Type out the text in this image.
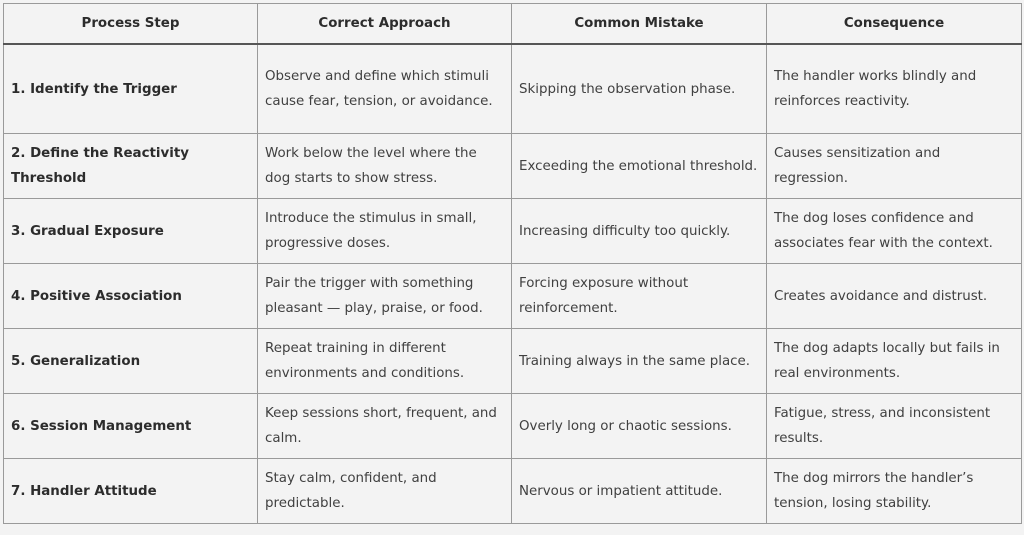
Process Step	Correct Approach	Common Mistake	Consequence
1. Identify the Trigger	Observe and define which stimuli cause fear, tension, or avoidance.	Skipping the observation phase.	The handler works blindly and reinforces reactivity.
2. Define the Reactivity Threshold	Work below the level where the dog starts to show stress.	Exceeding the emotional threshold.	Causes sensitization and regression.
3. Gradual Exposure	Introduce the stimulus in small, progressive doses.	Increasing difficulty too quickly.	The dog loses confidence and associates fear with the context.
4. Positive Association	Pair the trigger with something pleasant — play, praise, or food.	Forcing exposure without reinforcement.	Creates avoidance and distrust.
5. Generalization	Repeat training in different environments and conditions.	Training always in the same place.	The dog adapts locally but fails in real environments.
6. Session Management	Keep sessions short, frequent, and calm.	Overly long or chaotic sessions.	Fatigue, stress, and inconsistent results.
7. Handler Attitude	Stay calm, confident, and predictable.	Nervous or impatient attitude.	The dog mirrors the handler’s tension, losing stability.
